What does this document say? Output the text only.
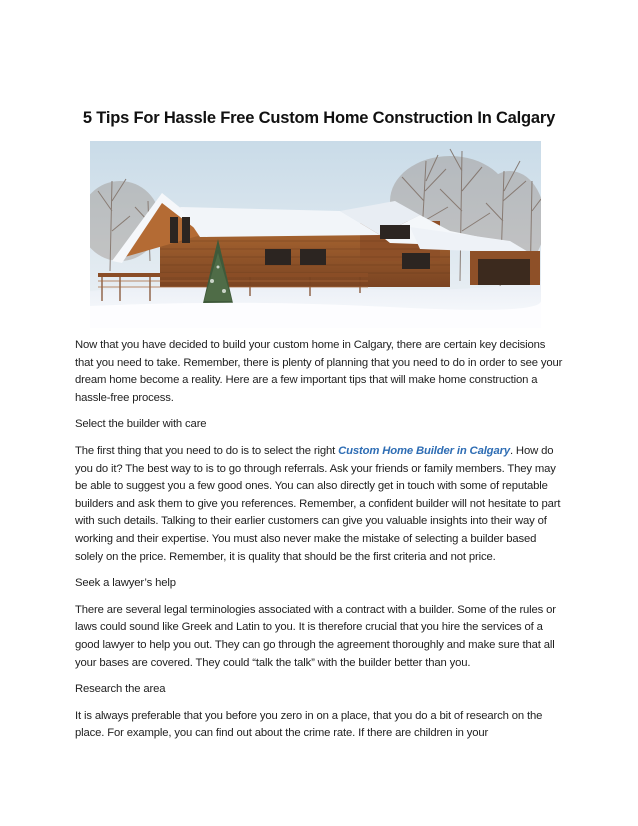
5 Tips For Hassle Free Custom Home Construction In Calgary

Now that you have decided to build your custom home in Calgary, there are certain key decisions that you need to take. Remember, there is plenty of planning that you need to do in order to see your dream home become a reality. Here are a few important tips that will make home construction a hassle-free process.

Select the builder with care

The first thing that you need to do is to select the right Custom Home Builder in Calgary. How do you do it? The best way to is to go through referrals. Ask your friends or family members. They may be able to suggest you a few good ones. You can also directly get in touch with some of reputable builders and ask them to give you references. Remember, a confident builder will not hesitate to part with such details. Talking to their earlier customers can give you valuable insights into their way of working and their expertise. You must also never make the mistake of selecting a builder based solely on the price. Remember, it is quality that should be the first criteria and not price.

Seek a lawyer’s help

There are several legal terminologies associated with a contract with a builder. Some of the rules or laws could sound like Greek and Latin to you. It is therefore crucial that you hire the services of a good lawyer to help you out. They can go through the agreement thoroughly and make sure that all your bases are covered. They could “talk the talk” with the builder better than you.

Research the area

It is always preferable that you before you zero in on a place, that you do a bit of research on the place. For example, you can find out about the crime rate. If there are children in your
